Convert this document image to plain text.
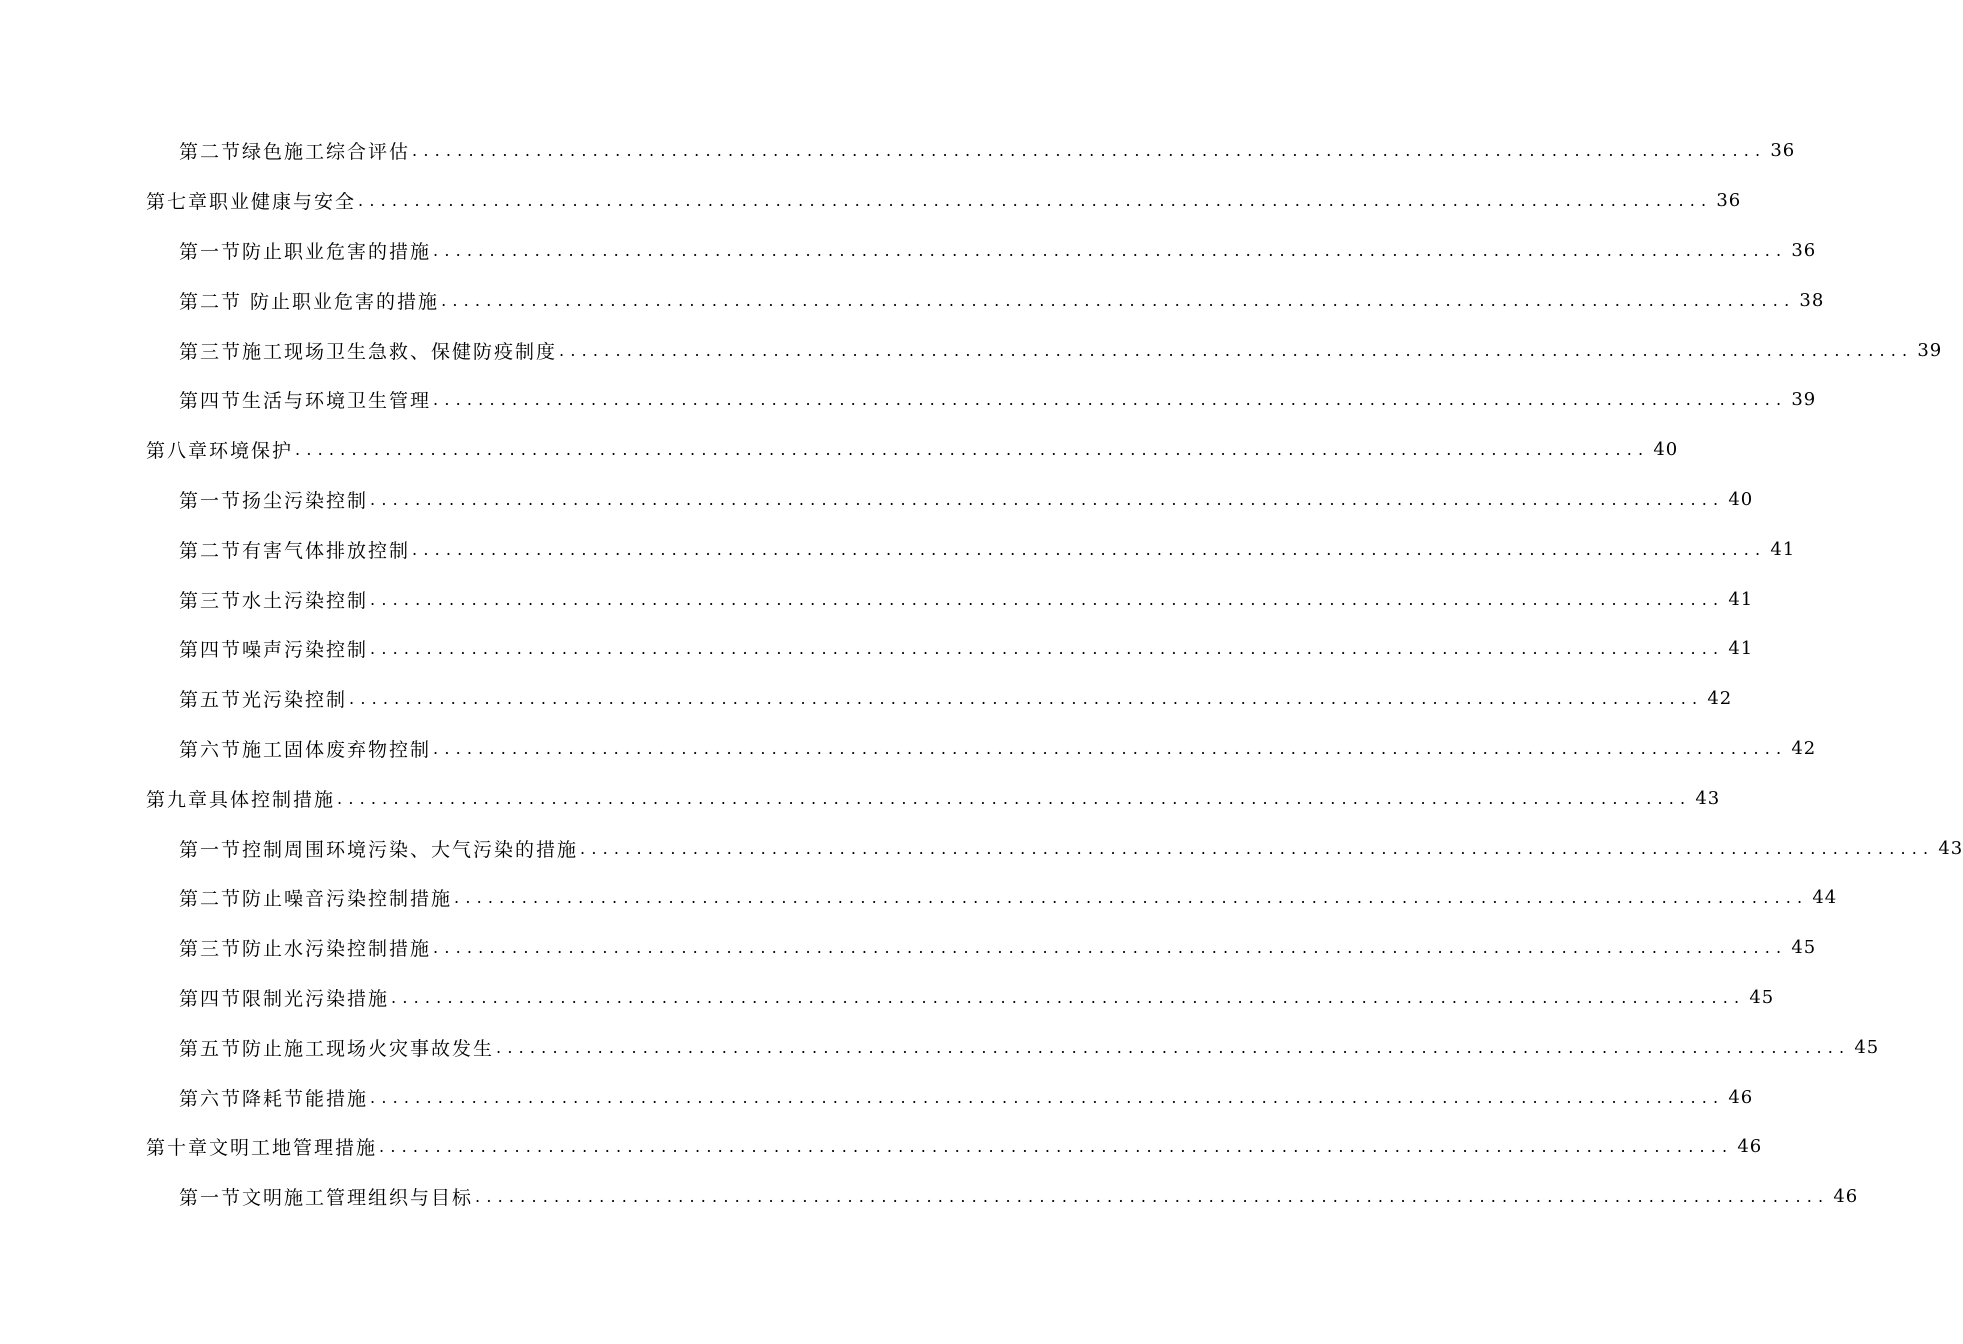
第二节 绿色施工综合评估 ........................................................................................................................ 36
第七章 职业健康与安全 ........................................................................................................................ 36
第一节 防止职业危害的措施 ........................................................................................................................ 36
第二节 防止职业危害的措施 ........................................................................................................................ 38
第三节 施工现场卫生急救、保健防疫制度 ........................................................................................................................ 39
第四节 生活与环境卫生管理 ........................................................................................................................ 39
第八章 环境保护 ........................................................................................................................ 40
第一节 扬尘污染控制 ........................................................................................................................ 40
第二节 有害气体排放控制 ........................................................................................................................ 41
第三节 水土污染控制 ........................................................................................................................ 41
第四节 噪声污染控制 ........................................................................................................................ 41
第五节 光污染控制 ........................................................................................................................ 42
第六节 施工固体废弃物控制 ........................................................................................................................ 42
第九章 具体控制措施 ........................................................................................................................ 43
第一节 控制周围环境污染、大气污染的措施 ........................................................................................................................ 43
第二节 防止噪音污染控制措施 ........................................................................................................................ 44
第三节 防止水污染控制措施 ........................................................................................................................ 45
第四节 限制光污染措施 ........................................................................................................................ 45
第五节 防止施工现场火灾事故发生 ........................................................................................................................ 45
第六节 降耗节能措施 ........................................................................................................................ 46
第十章 文明工地管理措施 ........................................................................................................................ 46
第一节 文明施工管理组织与目标 ........................................................................................................................ 46
